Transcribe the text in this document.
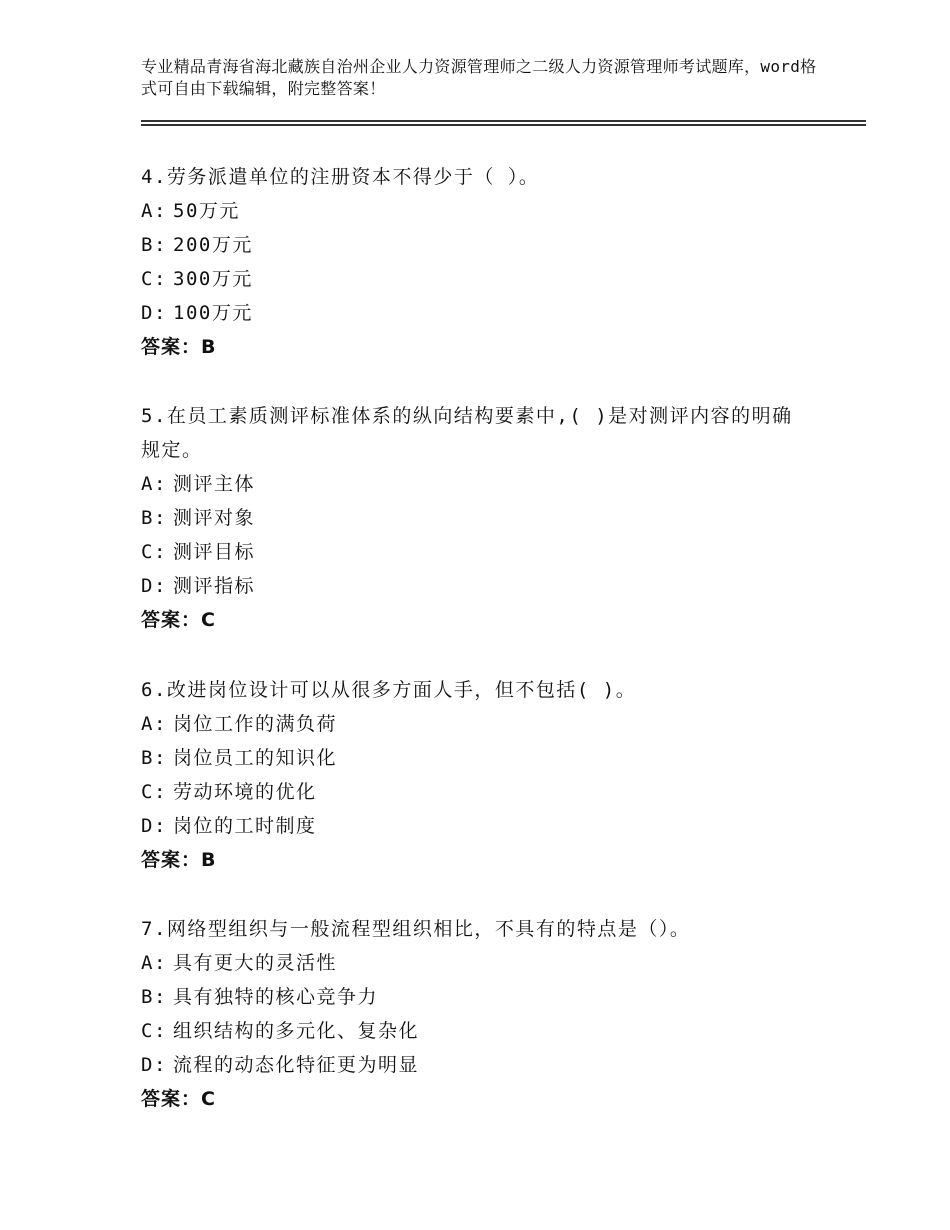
专业精品青海省海北藏族自治州企业人力资源管理师之二级人力资源管理师考试题库，word格式可自由下载编辑，附完整答案！

4.劳务派遣单位的注册资本不得少于（ ）。

A: 50万元

B: 200万元

C: 300万元

D: 100万元

答案：B

5.在员工素质测评标准体系的纵向结构要素中,( )是对测评内容的明确规定。

A: 测评主体

B: 测评对象

C: 测评目标

D: 测评指标

答案：C

6.改进岗位设计可以从很多方面人手，但不包括( )。

A: 岗位工作的满负荷

B: 岗位员工的知识化

C: 劳动环境的优化

D: 岗位的工时制度

答案：B

7.网络型组织与一般流程型组织相比，不具有的特点是（）。

A: 具有更大的灵活性

B: 具有独特的核心竞争力

C: 组织结构的多元化、复杂化

D: 流程的动态化特征更为明显

答案：C
